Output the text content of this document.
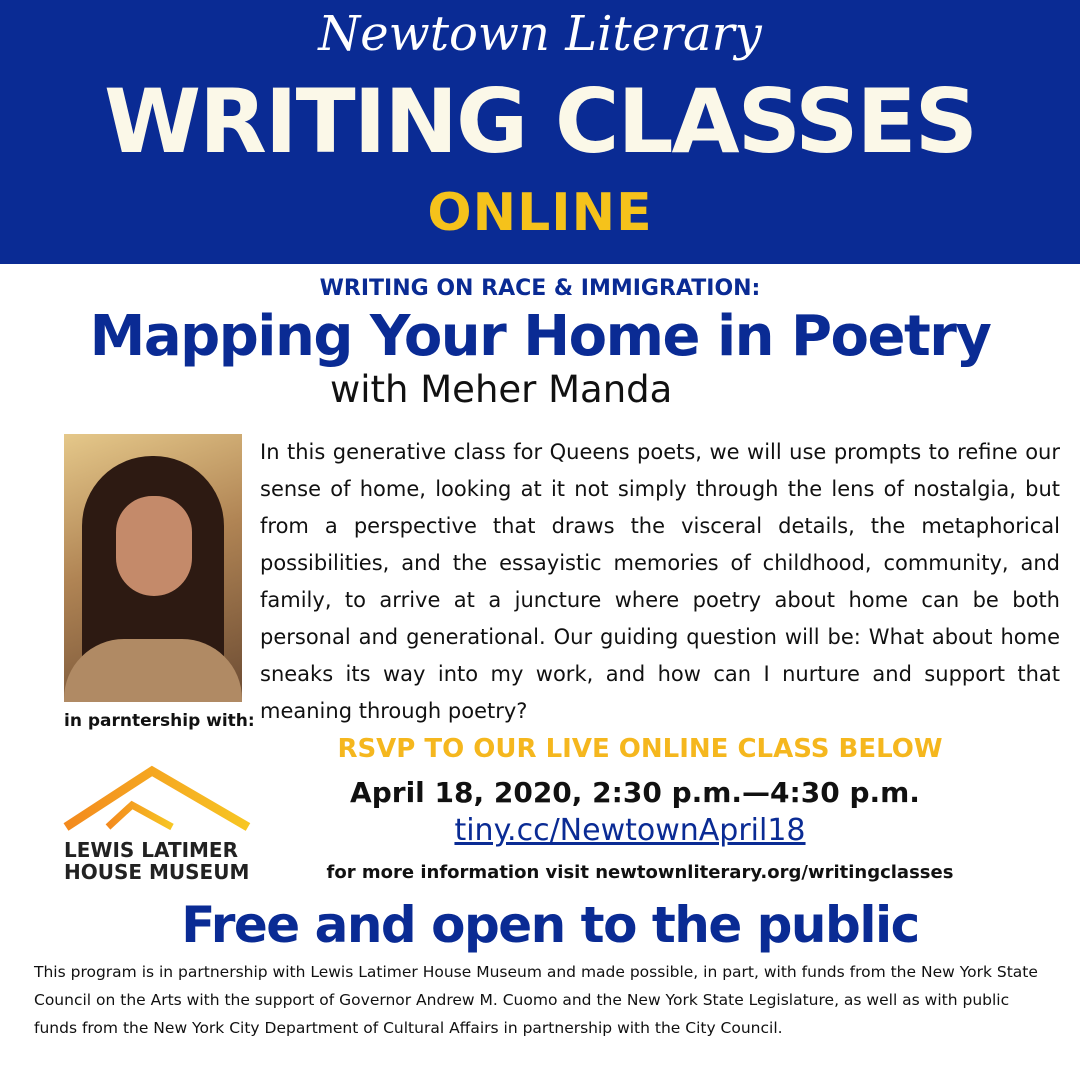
Newtown Literary
WRITING CLASSES
ONLINE
WRITING ON RACE & IMMIGRATION:
Mapping Your Home in Poetry
with Meher Manda
in parntership with:
LEWIS LATIMER
HOUSE MUSEUM
In this generative class for Queens poets, we will use prompts to refine our sense of home, looking at it not simply through the lens of nostalgia, but from a perspective that draws the visceral details, the metaphorical possibilities, and the essayistic memories of childhood, community, and family, to arrive at a juncture where poetry about home can be both personal and generational. Our guiding question will be: What about home sneaks its way into my work, and how can I nurture and support that meaning through poetry?
RSVP TO OUR LIVE ONLINE CLASS BELOW
April 18, 2020, 2:30 p.m.—4:30 p.m.
tiny.cc/NewtownApril18
for more information visit newtownliterary.org/writingclasses
Free and open to the public
This program is in partnership with Lewis Latimer House Museum and made possible, in part, with funds from the New York State Council on the Arts with the support of Governor Andrew M. Cuomo and the New York State Legislature, as well as with public funds from the New York City Department of Cultural Affairs in partnership with the City Council.
